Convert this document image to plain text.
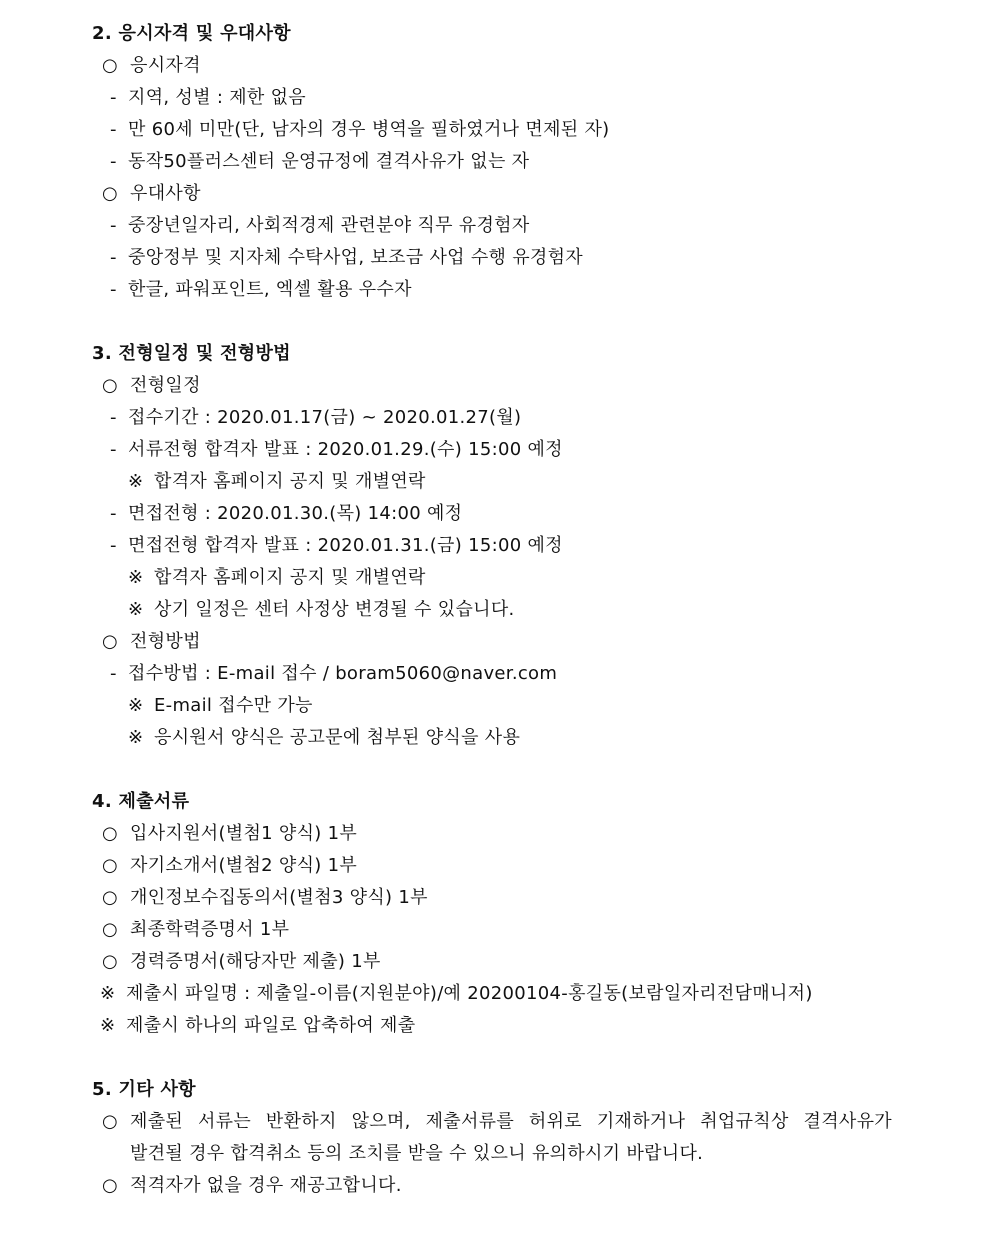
2. 응시자격 및 우대사항
○ 응시자격
- 지역, 성별 : 제한 없음
- 만 60세 미만(단, 남자의 경우 병역을 필하였거나 면제된 자)
- 동작50플러스센터 운영규정에 결격사유가 없는 자
○ 우대사항
- 중장년일자리, 사회적경제 관련분야 직무 유경험자
- 중앙정부 및 지자체 수탁사업, 보조금 사업 수행 유경험자
- 한글, 파워포인트, 엑셀 활용 우수자
3. 전형일정 및 전형방법
○ 전형일정
- 접수기간 : 2020.01.17(금) ~ 2020.01.27(월)
- 서류전형 합격자 발표 : 2020.01.29.(수) 15:00 예정
※ 합격자 홈페이지 공지 및 개별연락
- 면접전형 : 2020.01.30.(목) 14:00 예정
- 면접전형 합격자 발표 : 2020.01.31.(금) 15:00 예정
※ 합격자 홈페이지 공지 및 개별연락
※ 상기 일정은 센터 사정상 변경될 수 있습니다.
○ 전형방법
- 접수방법 : E-mail 접수 / boram5060@naver.com
※ E-mail 접수만 가능
※ 응시원서 양식은 공고문에 첨부된 양식을 사용
4. 제출서류
○ 입사지원서(별첨1 양식) 1부
○ 자기소개서(별첨2 양식) 1부
○ 개인정보수집동의서(별첨3 양식) 1부
○ 최종학력증명서 1부
○ 경력증명서(해당자만 제출) 1부
※ 제출시 파일명 : 제출일-이름(지원분야)/예 20200104-홍길동(보람일자리전담매니저)
※ 제출시 하나의 파일로 압축하여 제출
5. 기타 사항
○ 제출된 서류는 반환하지 않으며, 제출서류를 허위로 기재하거나 취업규칙상 결격사유가
발견될 경우 합격취소 등의 조치를 받을 수 있으니 유의하시기 바랍니다.
○ 적격자가 없을 경우 재공고합니다.
